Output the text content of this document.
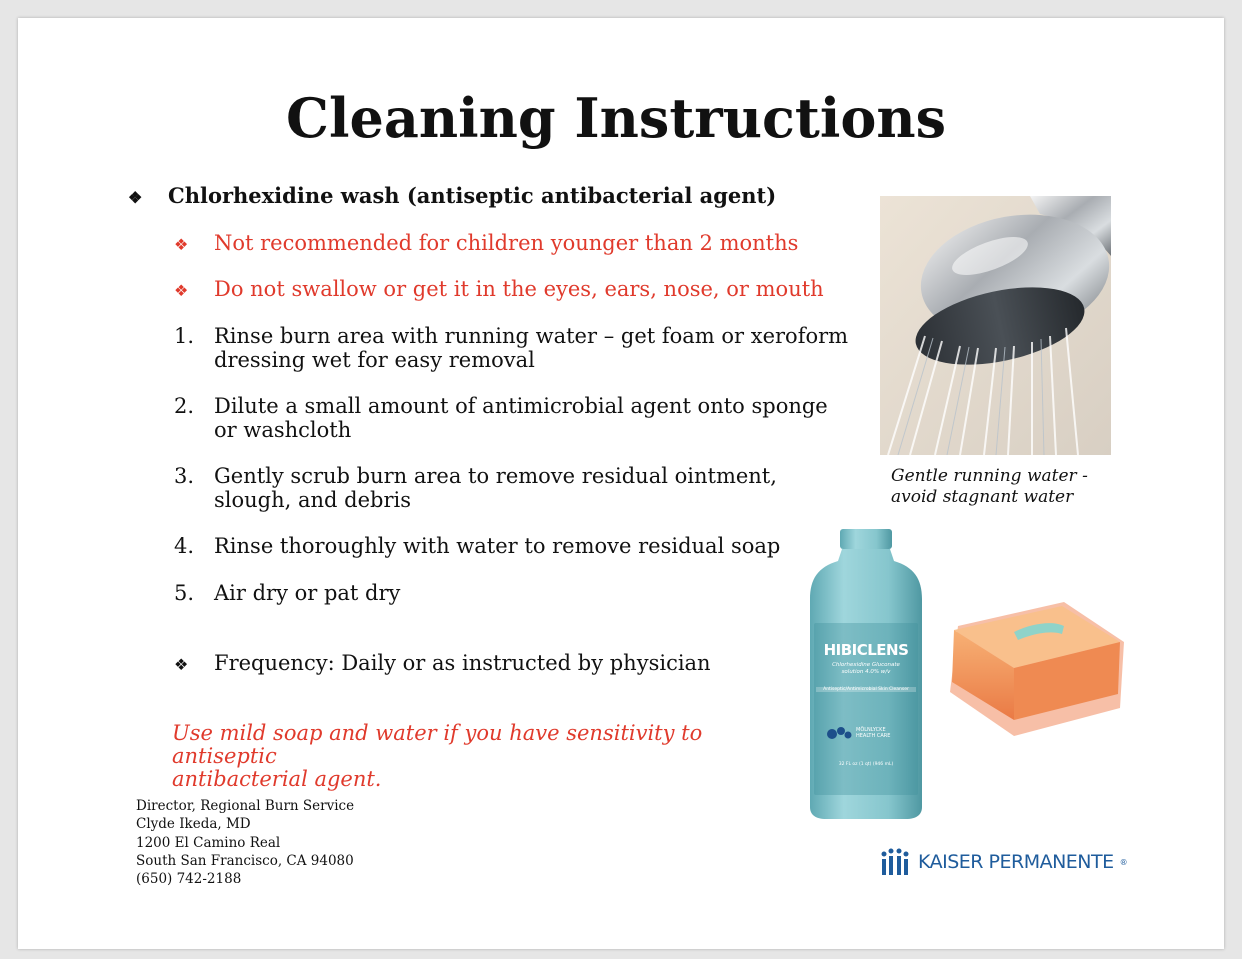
Cleaning Instructions
❖ Chlorhexidine wash (antiseptic antibacterial agent)
❖ Not recommended for children younger than 2 months
❖ Do not swallow or get it in the eyes, ears, nose, or mouth
1. Rinse burn area with running water – get foam or xeroform
dressing wet for easy removal
2. Dilute a small amount of antimicrobial agent onto sponge
or washcloth
3. Gently scrub burn area to remove residual ointment,
slough, and debris
4. Rinse thoroughly with water to remove residual soap
5. Air dry or pat dry
❖ Frequency: Daily or as instructed by physician
Use mild soap and water if you have sensitivity to antiseptic
antibacterial agent.
Director, Regional Burn Service
Clyde Ikeda, MD
1200 El Camino Real
South San Francisco, CA 94080
(650) 742-2188
Gentle running water -
avoid stagnant water
HIBICLENS
Chlorhexidine Gluconate
solution 4.0% w/v
Antiseptic/Antimicrobial Skin Cleanser
MÖLNLYCKE
HEALTH CARE
32 FL oz (1 qt) (946 mL)
KAISER PERMANENTE ®
